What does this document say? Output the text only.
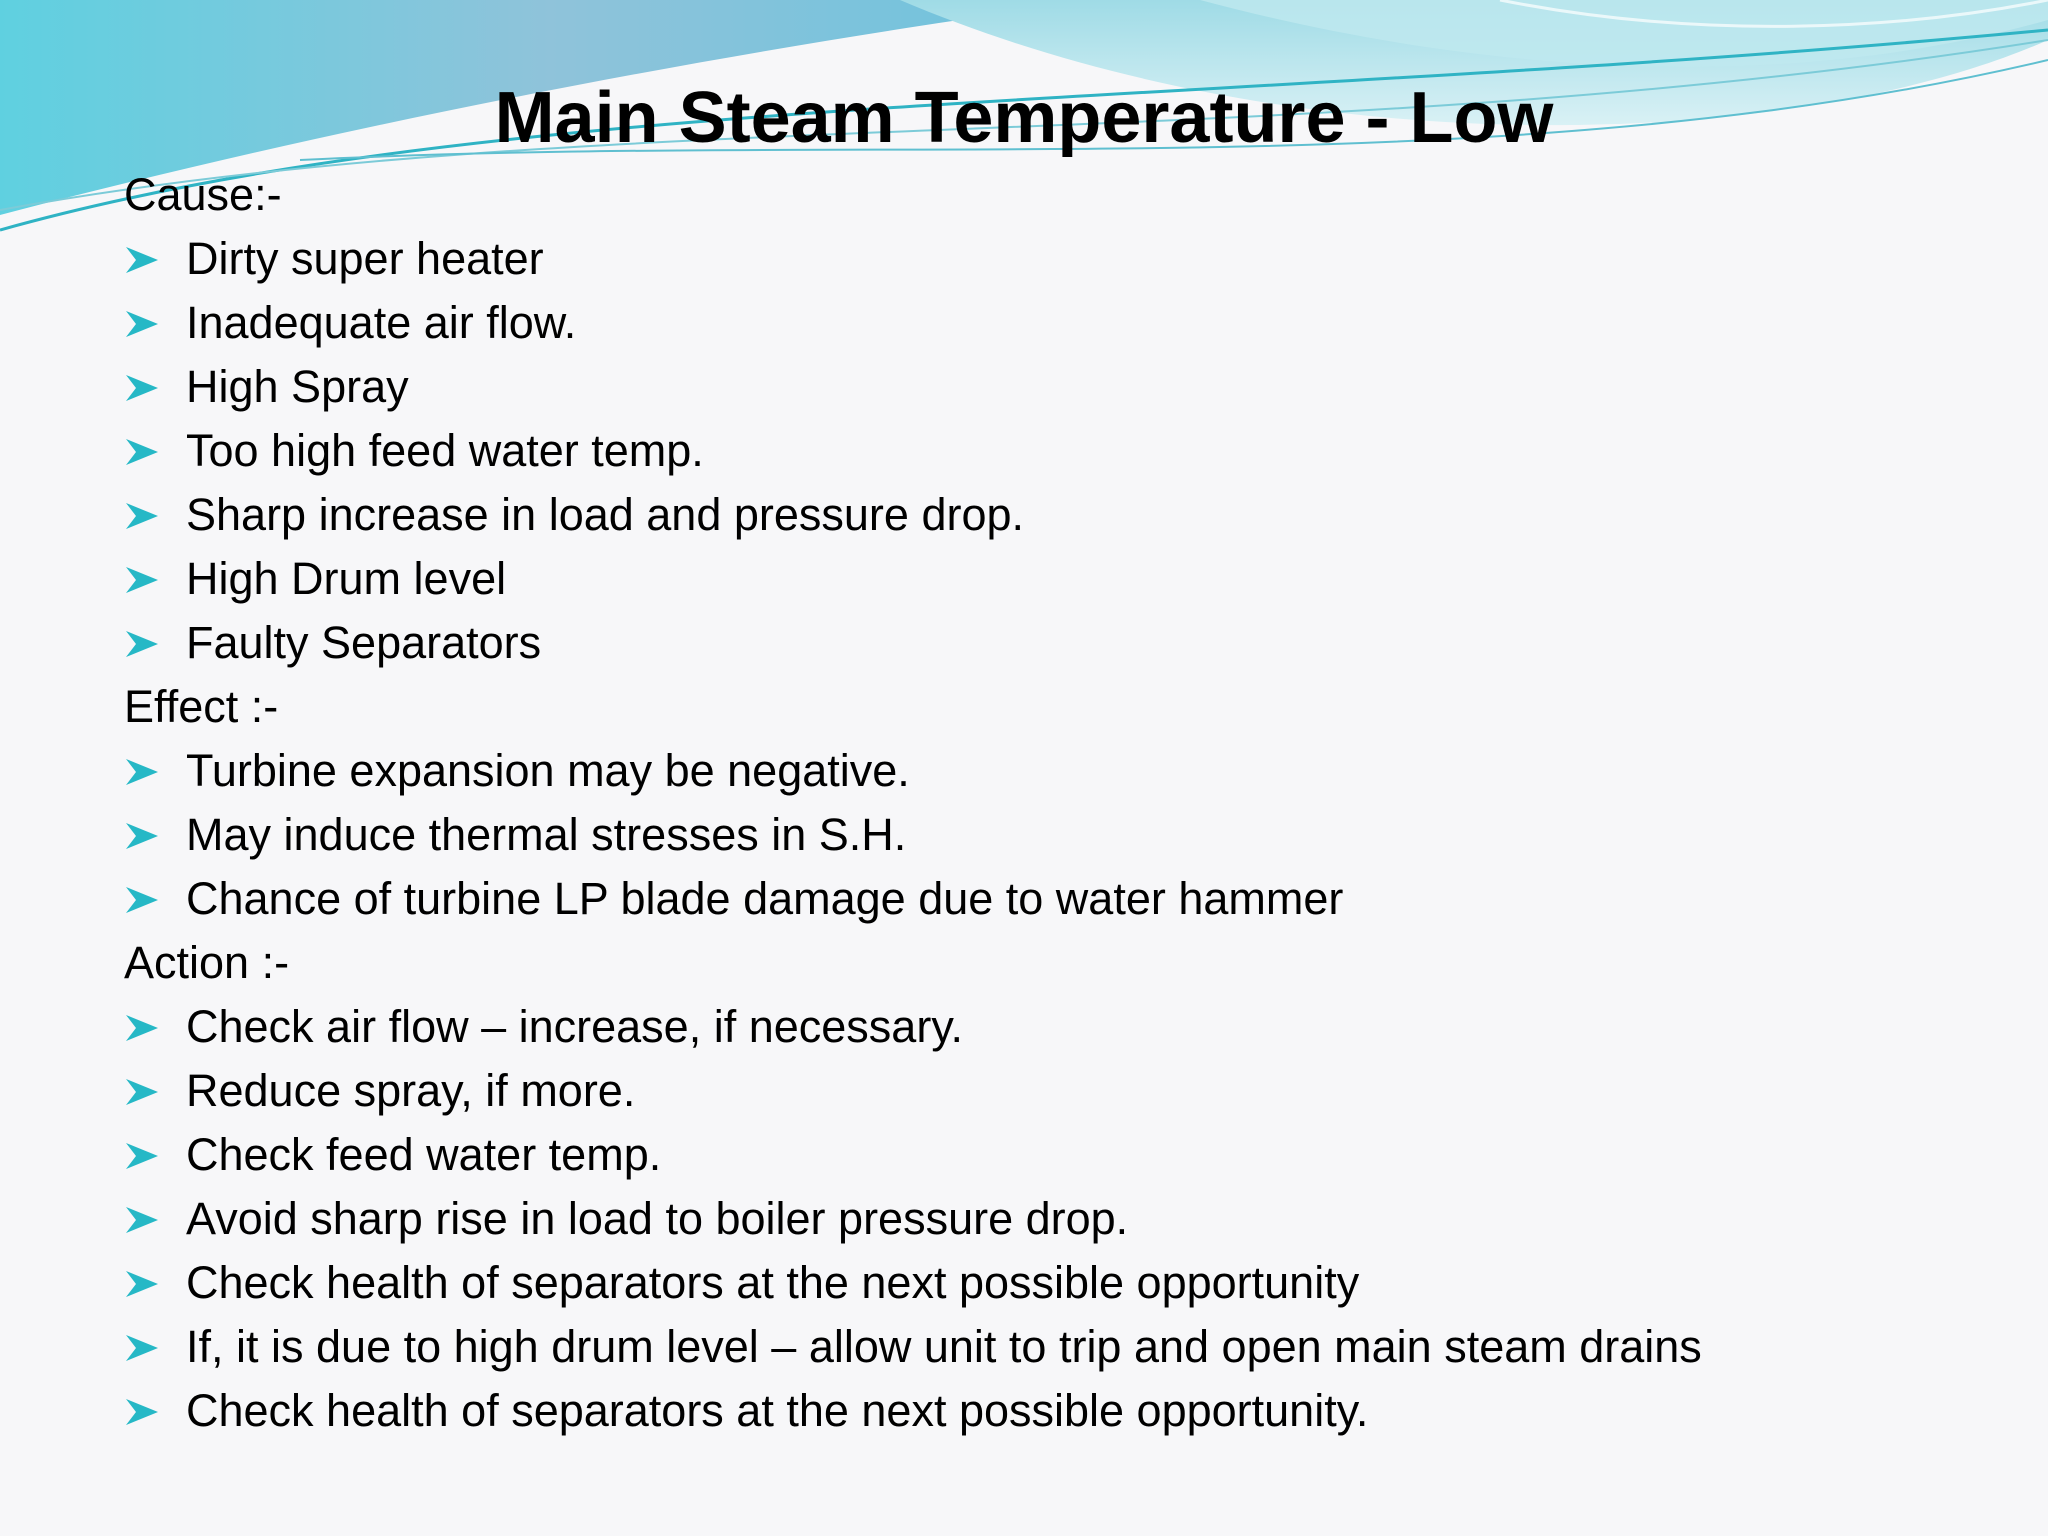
Main Steam Temperature - Low
Cause:-
Dirty super heater
Inadequate air flow.
High Spray
Too high feed water temp.
Sharp increase in load and pressure drop.
High Drum level
Faulty Separators
Effect :-
Turbine expansion may be negative.
May induce thermal stresses in S.H.
Chance of turbine LP blade damage due to water hammer
Action :-
Check air flow – increase, if necessary.
Reduce spray, if more.
Check feed water temp.
Avoid sharp rise in load to boiler pressure drop.
Check health of separators at the next possible opportunity
If, it is due to high drum level – allow unit to trip and open main steam drains
Check health of separators at the next possible opportunity.
